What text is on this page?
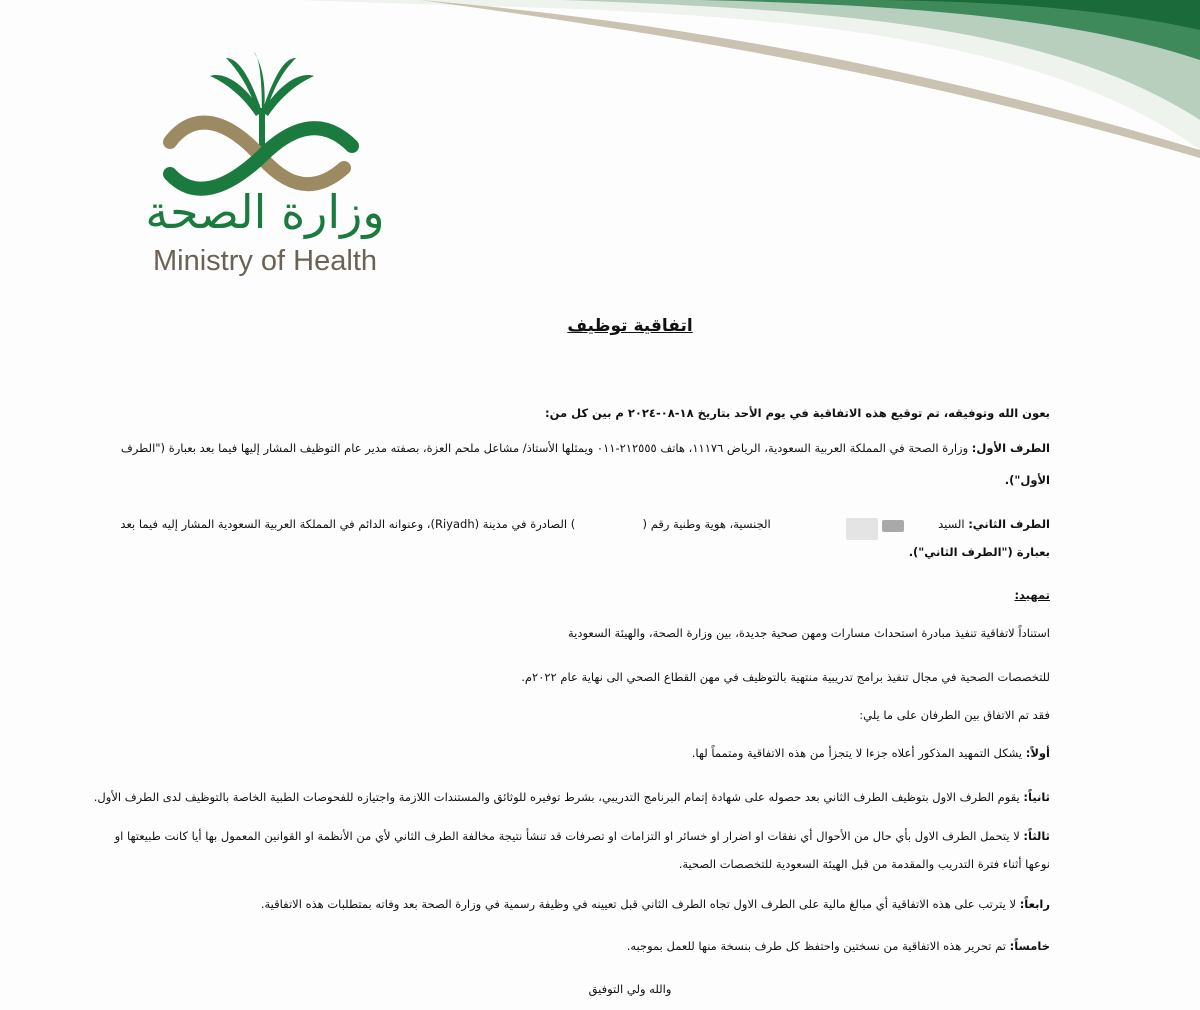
وزارة الصحة
Ministry of Health
اتفاقية توظيف
بعون الله وتوفيقه، تم توقيع هذه الاتفاقية في يوم الأحد بتاريخ ١٨-٠٨-٢٠٢٤ م بين كل من:
الطرف الأول: وزارة الصحة في المملكة العربية السعودية، الرياض ١١١٧٦، هاتف ٢١٢٥٥٥-٠١١ ويمثلها الأستاذ/ مشاعل ملحم العزة، بصفته مدير عام التوظيف المشار إليها فيما بعد بعبارة ("الطرف
الأول").
الطرف الثاني: السيد  الجنسية، هوية وطنية رقم (  ) الصادرة في مدينة (Riyadh)، وعنوانه الدائم في المملكة العربية السعودية المشار إليه فيما بعد
بعبارة ("الطرف الثاني").
تمهيد:
استناداً لاتفاقية تنفيذ مبادرة استحداث مسارات ومهن صحية جديدة، بين وزارة الصحة، والهيئة السعودية
للتخصصات الصحية في مجال تنفيذ برامج تدريبية منتهية بالتوظيف في مهن القطاع الصحي الى نهاية عام ٢٠٢٢م.
فقد تم الاتفاق بين الطرفان على ما يلي:
أولاً: يشكل التمهيد المذكور أعلاه جزءا لا يتجزأ من هذه الاتفاقية ومتمماً لها.
ثانياً: يقوم الطرف الاول بتوظيف الطرف الثاني بعد حصوله على شهادة إتمام البرنامج التدريبي، بشرط توفيره للوثائق والمستندات اللازمة واجتيازه للفحوصات الطبية الخاصة بالتوظيف لدى الطرف الأول.
ثالثاً: لا يتحمل الطرف الاول بأي حال من الأحوال أي نفقات او اضرار او خسائر او التزامات او تصرفات قد تنشأ نتيجة مخالفة الطرف الثاني لأي من الأنظمة او القوانين المعمول بها أيا كانت طبيعتها او
نوعها أثناء فترة التدريب والمقدمة من قبل الهيئة السعودية للتخصصات الصحية.
رابعاً: لا يترتب على هذه الاتفاقية أي مبالغ مالية على الطرف الاول تجاه الطرف الثاني قبل تعيينه في وظيفة رسمية في وزارة الصحة بعد وفاته بمتطلبات هذه الاتفاقية.
خامساً: تم تحرير هذه الاتفاقية من نسختين واحتفظ كل طرف بنسخة منها للعمل بموجبه.
والله ولي التوفيق
